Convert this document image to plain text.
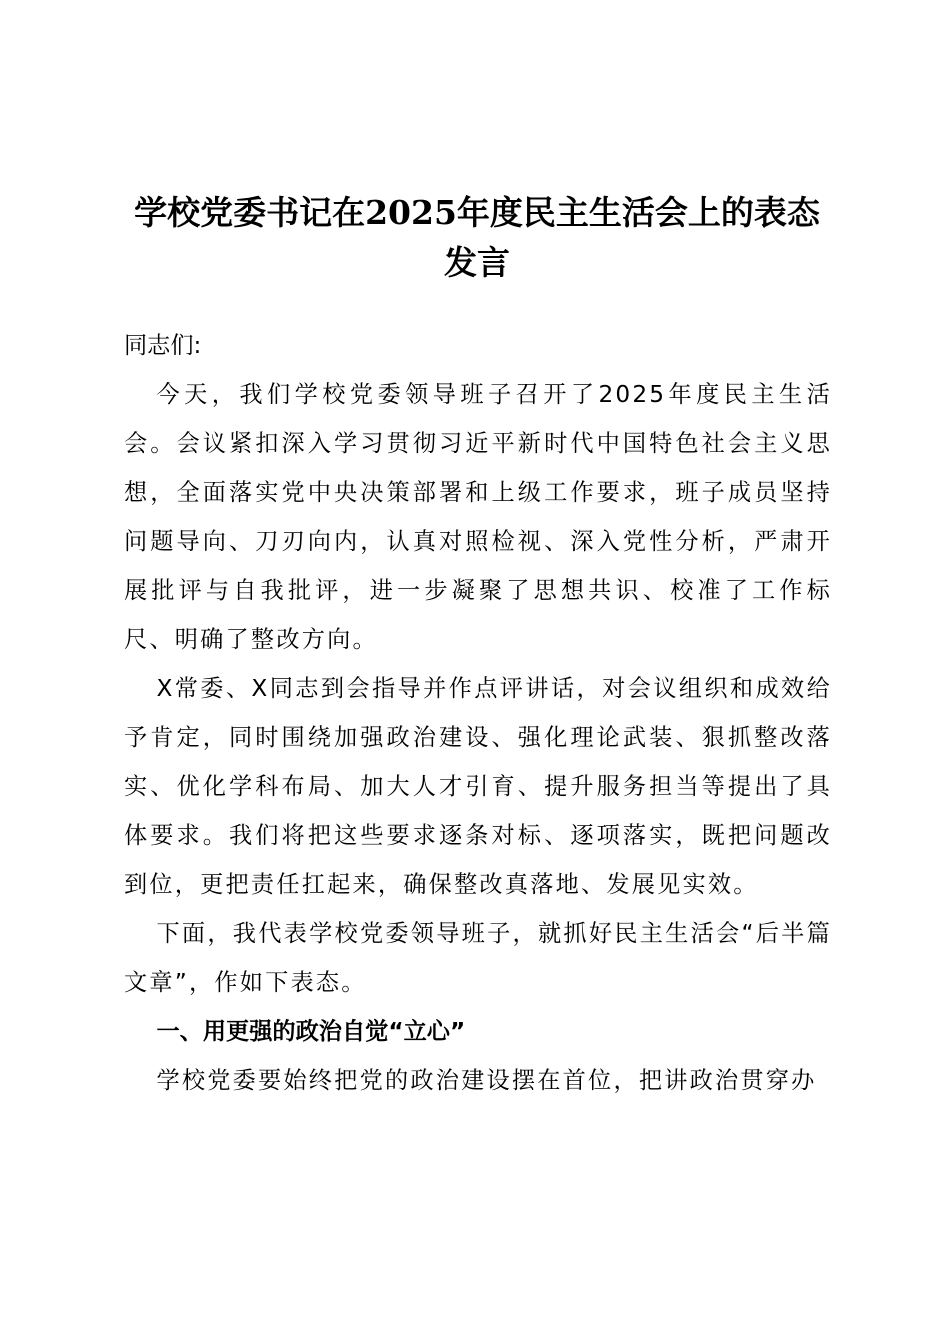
学校党委书记在2025年度民主生活会上的表态发言

同志们:

今天，我们学校党委领导班子召开了2025年度民主生活会。会议紧扣深入学习贯彻习近平新时代中国特色社会主义思想，全面落实党中央决策部署和上级工作要求，班子成员坚持问题导向、刀刃向内，认真对照检视、深入党性分析，严肃开展批评与自我批评，进一步凝聚了思想共识、校准了工作标尺、明确了整改方向。

X常委、X同志到会指导并作点评讲话，对会议组织和成效给予肯定，同时围绕加强政治建设、强化理论武装、狠抓整改落实、优化学科布局、加大人才引育、提升服务担当等提出了具体要求。我们将把这些要求逐条对标、逐项落实，既把问题改到位，更把责任扛起来，确保整改真落地、发展见实效。

下面，我代表学校党委领导班子，就抓好民主生活会“后半篇文章”，作如下表态。

一、用更强的政治自觉“立心”

学校党委要始终把党的政治建设摆在首位，把讲政治贯穿办
